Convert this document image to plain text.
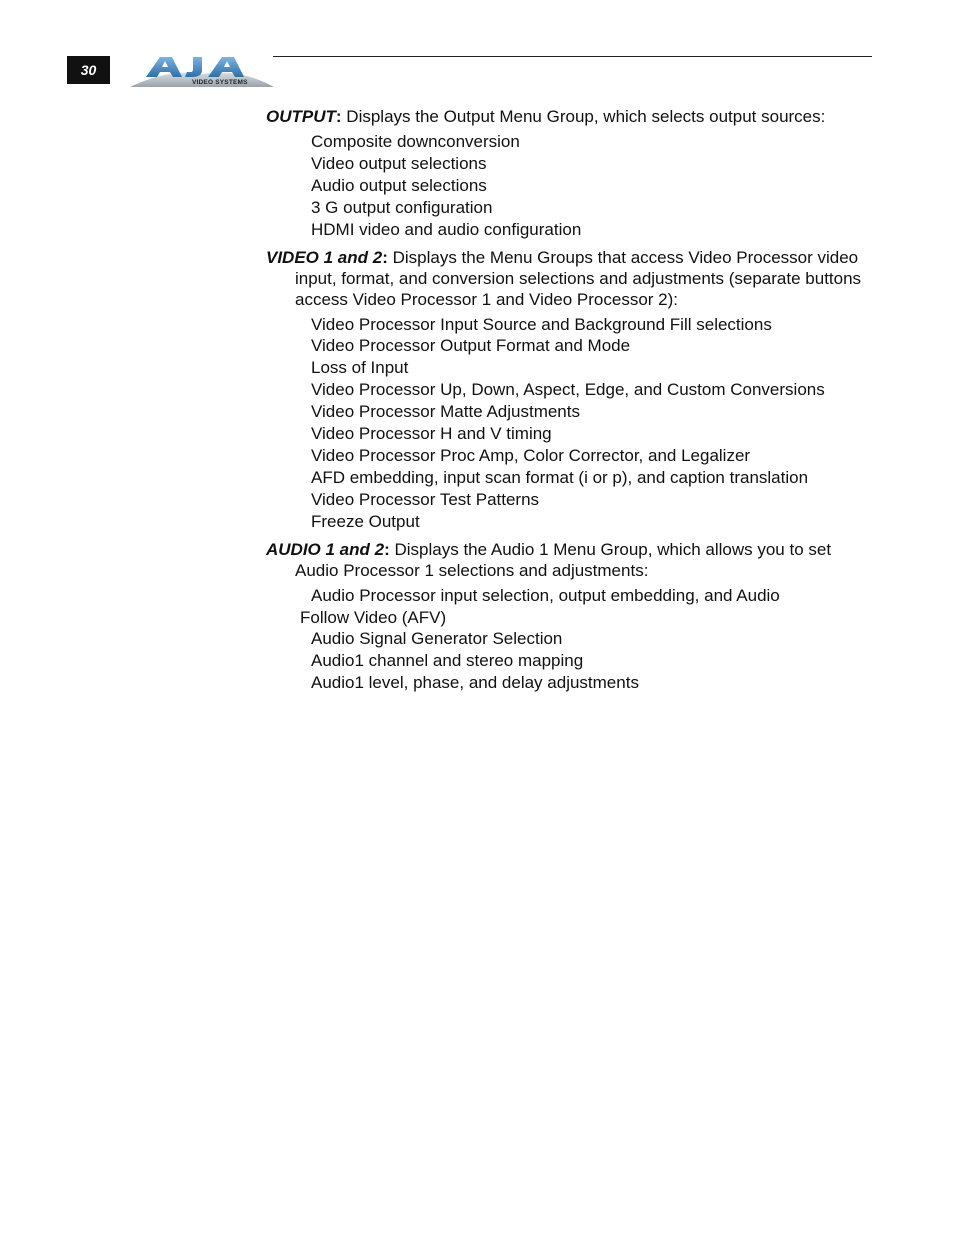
30
VIDEO SYSTEMS

OUTPUT: Displays the Output Menu Group, which selects output sources:

Composite downconversion
Video output selections
Audio output selections
3 G output configuration
HDMI video and audio configuration

VIDEO 1 and 2: Displays the Menu Groups that access Video Processor video input, format, and conversion selections and adjustments (separate buttons access Video Processor 1 and Video Processor 2):

Video Processor Input Source and Background Fill selections
Video Processor Output Format and Mode
Loss of Input
Video Processor Up, Down, Aspect, Edge, and Custom Conversions
Video Processor Matte Adjustments
Video Processor H and V timing
Video Processor Proc Amp, Color Corrector, and Legalizer
AFD embedding, input scan format (i or p), and caption translation
Video Processor Test Patterns
Freeze Output

AUDIO 1 and 2: Displays the Audio 1 Menu Group, which allows you to set Audio Processor 1 selections and adjustments:

Audio Processor input selection, output embedding, and Audio
Follow Video (AFV)
Audio Signal Generator Selection
Audio1 channel and stereo mapping
Audio1 level, phase, and delay adjustments
